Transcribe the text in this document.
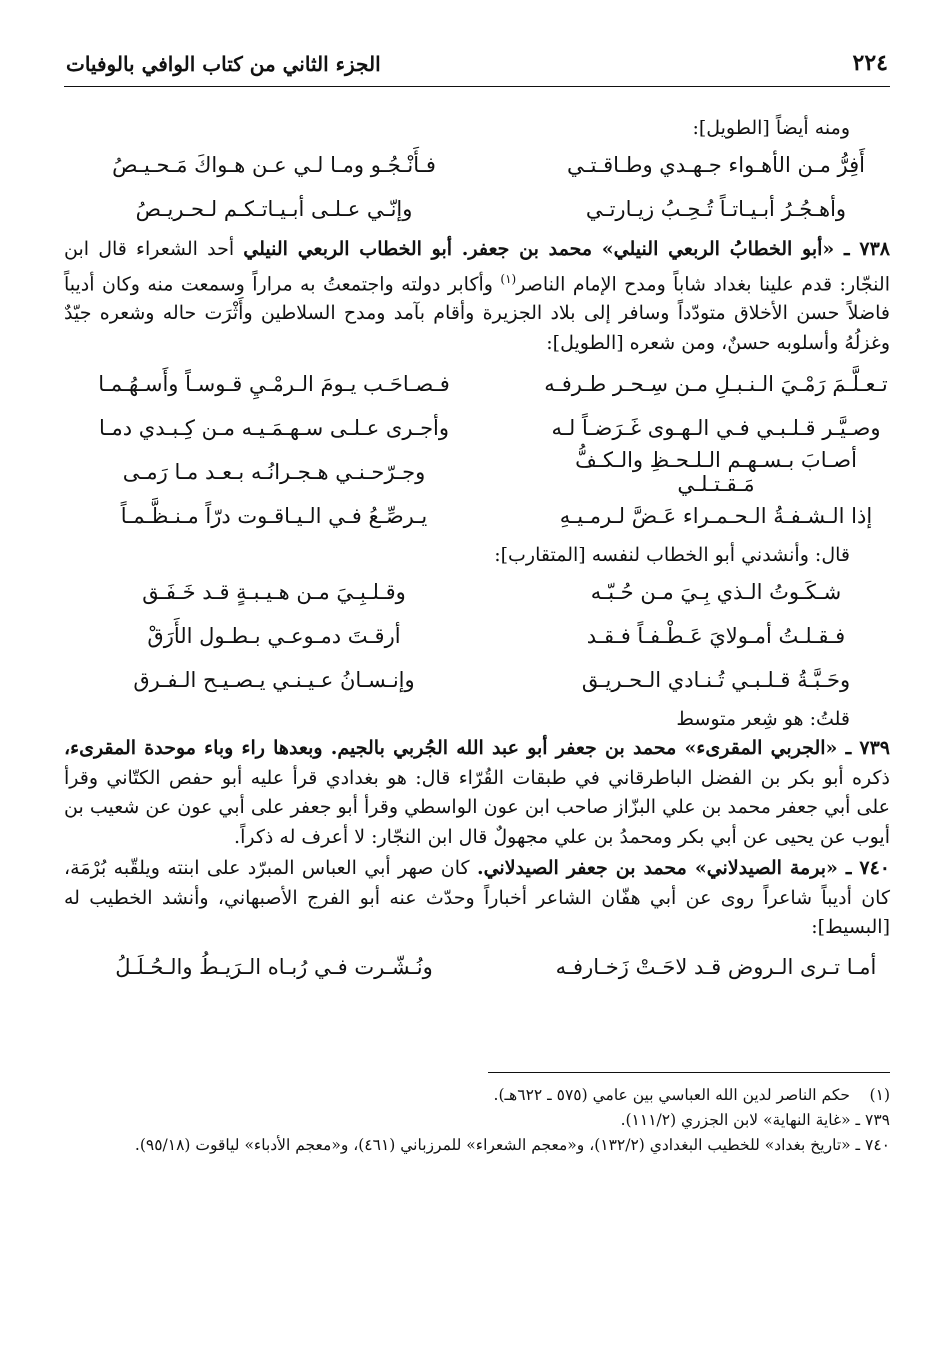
٢٢٤
الجزء الثاني من كتاب الوافي بالوفيات
ومنه أيضاً [الطويل]:
أَفِرُّ مـن الأهـواء جـهـدي وطـاقـتـي
فـأَنْـجُـو ومـا لـي عـن هـواكَ مَـحـيـصُ
وأهـجُـرُ أبـيـاتـاً تُـحِـبُ زيـارتـي
وإنّـي عـلـى أبـيـاتـكـم لـحـريـصُ

٧٣٨ ـ «أبو الخطابُ الربعي النيلي» محمد بن جعفر. أبو الخطاب الربعي النيلي أحد الشعراء قال ابن النجّار: قدم علينا بغداد شاباً ومدح الإمام الناصر$^{(١)}$ وأكابر دولته واجتمعتُ به مراراً وسمعت منه وكان أديباً فاضلاً حسن الأخلاق متودّداً وسافر إلى بلاد الجزيرة وأقام بآمد ومدح السلاطين وأَثْرَت حاله وشعره جيّدٌ وغزلُهُ وأسلوبه حسنٌ، ومن شعره [الطويل]:

تـعـلَّـمَ رَمْـيَ الـنـبـلِ مـن سِـحـر طـرفـه
فـصـاحَـب يـومَ الـرمْـيِ قـوسـاً وأَسـهُـمـا
وصـيَّـر قـلـبـي فـي الـهـوى غَـرَضـاً لـه
وأجـرى عـلـى سـهـمَـيـه مـن كِـبـدي دمـا
أصـابَ بـسـهـم الـلـحـظِ والـكـفُّ مَـقـتـلـي
وجـرّحـنـي هـجـرانُـه بـعـد مـا رَمـى
إذا الـشـفـةُ الـحـمـراء عَـضَّ لـرمـيـهِ
يـرصِّـعُ فـي الـيـاقـوت درّاً مـنـظَّـمـاً
قال: وأنشدني أبو الخطاب لنفسه [المتقارب]:
شـكَـوتُ الـذي بِـيَ مـن حُـبّـه
وقـلـبِـيَ مـن هـيـبـةٍ قـد خَـفَـق
فـقـلـتُ أمـولايَ عَـطْـفـاً فـقـد
أرقـتَ دمـوعـي بـطـول الأَرَقْ
وحَـبَّـةُ قـلـبـي تُـنـادي الـحـريـق
وإنـسـانُ عـيـنـي يـصـيـح الـفـرق
قلتُ: هو شِعر متوسط

٧٣٩ ـ «الجربي المقرىء» محمد بن جعفر أبو عبد الله الجُربي بالجيم. وبعدها راء وباء موحدة المقرىء، ذكره أبو بكر بن الفضل الباطرقاني في طبقات القُرّاء قال: هو بغدادي قرأ عليه أبو حفص الكتّاني وقرأ على أبي جعفر محمد بن علي البزّاز صاحب ابن عون الواسطي وقرأ أبو جعفر على أبي عون عن شعيب بن أيوب عن يحيى عن أبي بكر ومحمدُ بن علي مجهولٌ قال ابن النجّار: لا أعرف له ذكراً.

٧٤٠ ـ «برمة الصيدلاني» محمد بن جعفر الصيدلاني. كان صهر أبي العباس المبرّد على ابنته ويلقّبه بُرْمَة، كان أديباً شاعراً روى عن أبي هفّان الشاعر أخباراً وحدّث عنه أبو الفرج الأصبهاني، وأنشد الخطيب له [البسيط]:

أمـا تـرى الـروض قـد لاحَـتْ زَخـارفـه
ونُـشّـرت فـي رُبـاه الـرَيـطُ والـحُـلَـلُ

(١)حكم الناصر لدين الله العباسي بين عامي (٥٧٥ ـ ٦٢٢هـ).

٧٣٩ ـ «غاية النهاية» لابن الجزري (١١١/٢).

٧٤٠ ـ «تاريخ بغداد» للخطيب البغدادي (١٣٢/٢)، و«معجم الشعراء» للمرزباني (٤٦١)، و«معجم الأدباء» لياقوت (٩٥/١٨).
